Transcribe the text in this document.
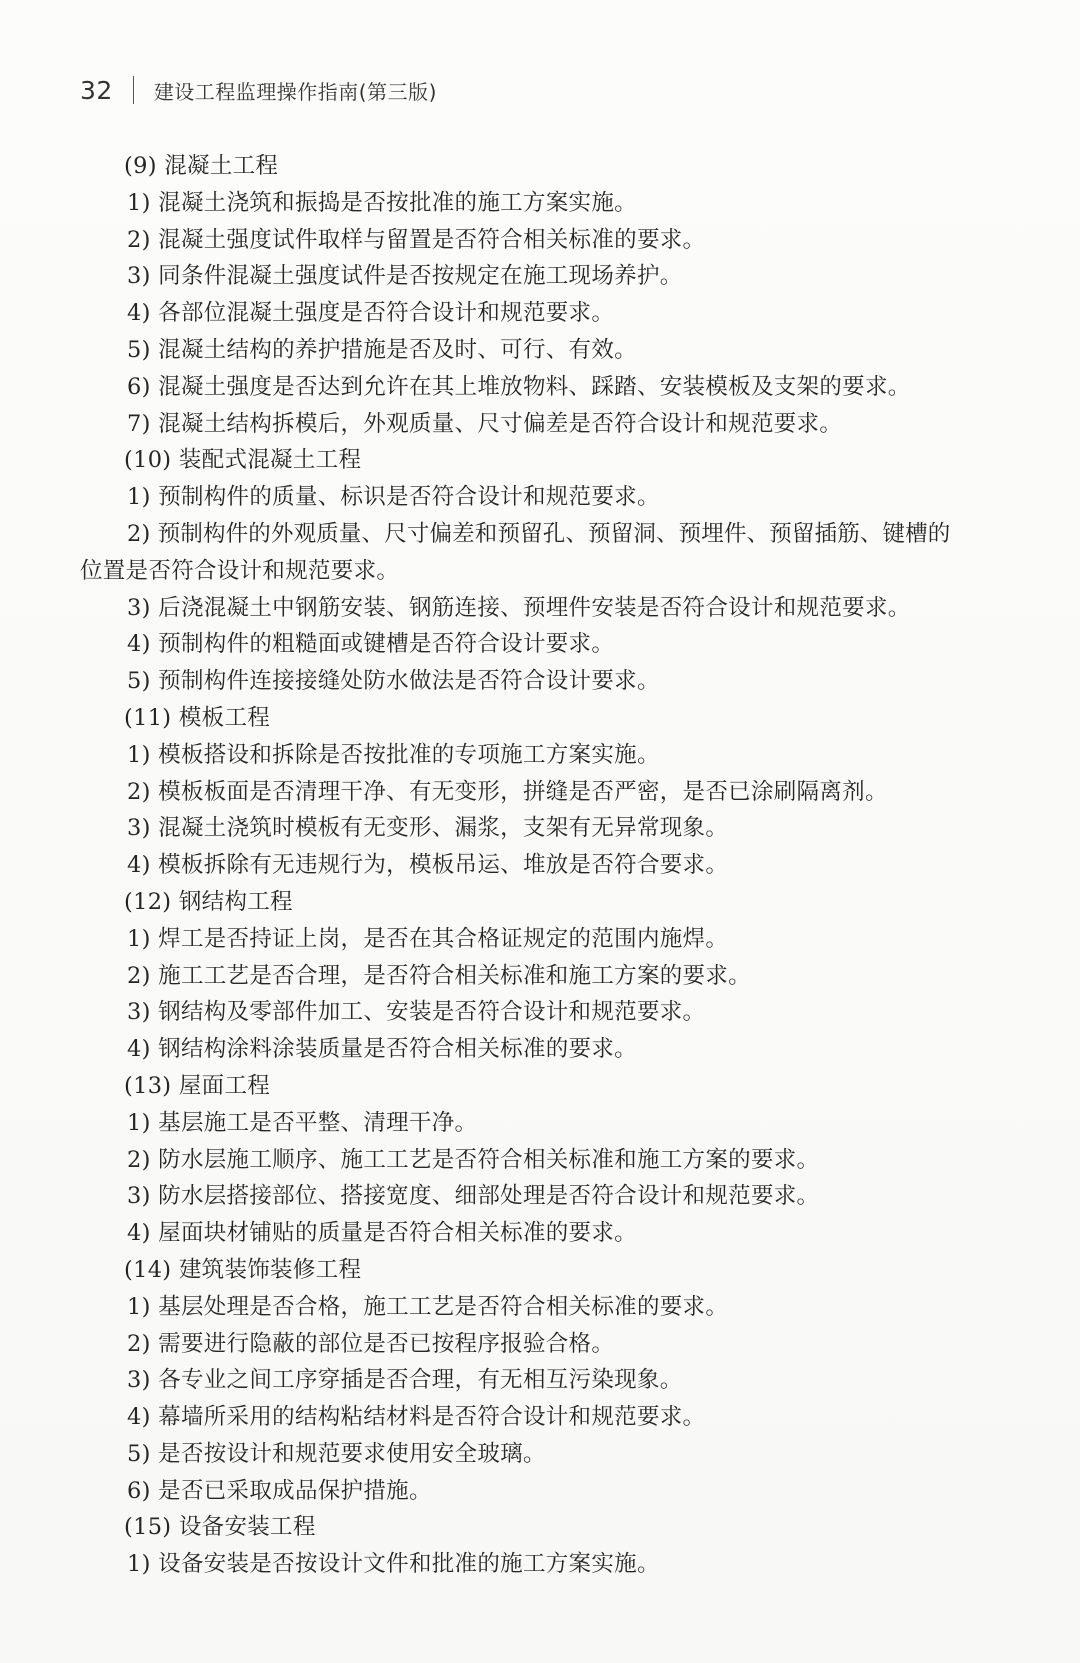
32 建设工程监理操作指南(第三版)
(9) 混凝土工程
1) 混凝土浇筑和振捣是否按批准的施工方案实施。
2) 混凝土强度试件取样与留置是否符合相关标准的要求。
3) 同条件混凝土强度试件是否按规定在施工现场养护。
4) 各部位混凝土强度是否符合设计和规范要求。
5) 混凝土结构的养护措施是否及时、可行、有效。
6) 混凝土强度是否达到允许在其上堆放物料、踩踏、安装模板及支架的要求。
7) 混凝土结构拆模后，外观质量、尺寸偏差是否符合设计和规范要求。
(10) 装配式混凝土工程
1) 预制构件的质量、标识是否符合设计和规范要求。
2) 预制构件的外观质量、尺寸偏差和预留孔、预留洞、预埋件、预留插筋、键槽的
位置是否符合设计和规范要求。
3) 后浇混凝土中钢筋安装、钢筋连接、预埋件安装是否符合设计和规范要求。
4) 预制构件的粗糙面或键槽是否符合设计要求。
5) 预制构件连接接缝处防水做法是否符合设计要求。
(11) 模板工程
1) 模板搭设和拆除是否按批准的专项施工方案实施。
2) 模板板面是否清理干净、有无变形，拼缝是否严密，是否已涂刷隔离剂。
3) 混凝土浇筑时模板有无变形、漏浆，支架有无异常现象。
4) 模板拆除有无违规行为，模板吊运、堆放是否符合要求。
(12) 钢结构工程
1) 焊工是否持证上岗，是否在其合格证规定的范围内施焊。
2) 施工工艺是否合理，是否符合相关标准和施工方案的要求。
3) 钢结构及零部件加工、安装是否符合设计和规范要求。
4) 钢结构涂料涂装质量是否符合相关标准的要求。
(13) 屋面工程
1) 基层施工是否平整、清理干净。
2) 防水层施工顺序、施工工艺是否符合相关标准和施工方案的要求。
3) 防水层搭接部位、搭接宽度、细部处理是否符合设计和规范要求。
4) 屋面块材铺贴的质量是否符合相关标准的要求。
(14) 建筑装饰装修工程
1) 基层处理是否合格，施工工艺是否符合相关标准的要求。
2) 需要进行隐蔽的部位是否已按程序报验合格。
3) 各专业之间工序穿插是否合理，有无相互污染现象。
4) 幕墙所采用的结构粘结材料是否符合设计和规范要求。
5) 是否按设计和规范要求使用安全玻璃。
6) 是否已采取成品保护措施。
(15) 设备安装工程
1) 设备安装是否按设计文件和批准的施工方案实施。
